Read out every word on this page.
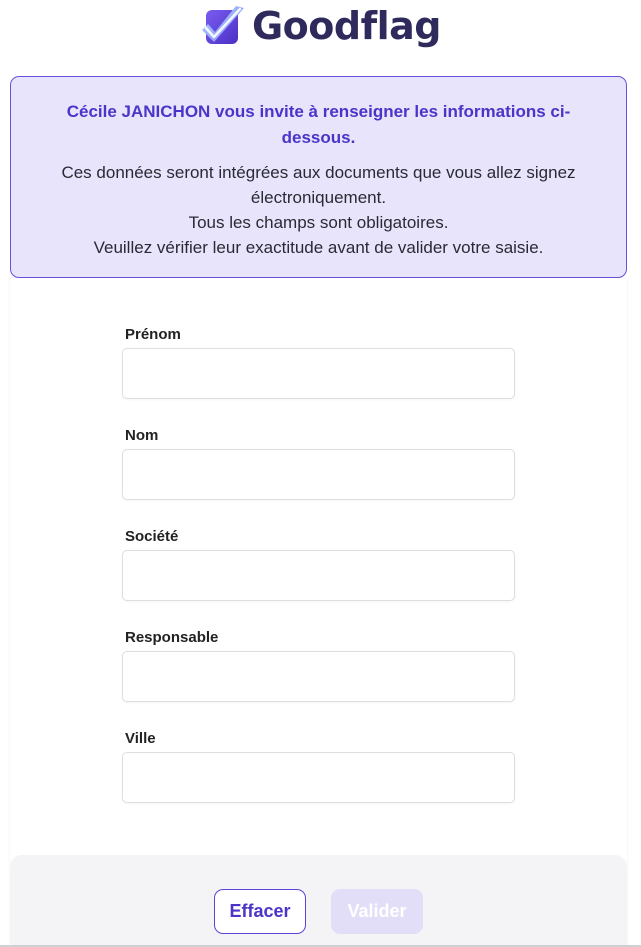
Goodflag
Cécile JANICHON vous invite à renseigner les informations ci-dessous.
Ces données seront intégrées aux documents que vous allez signez électroniquement.
Tous les champs sont obligatoires.
Veuillez vérifier leur exactitude avant de valider votre saisie.
Prénom
Nom
Société
Responsable
Ville
Effacer	Valider
